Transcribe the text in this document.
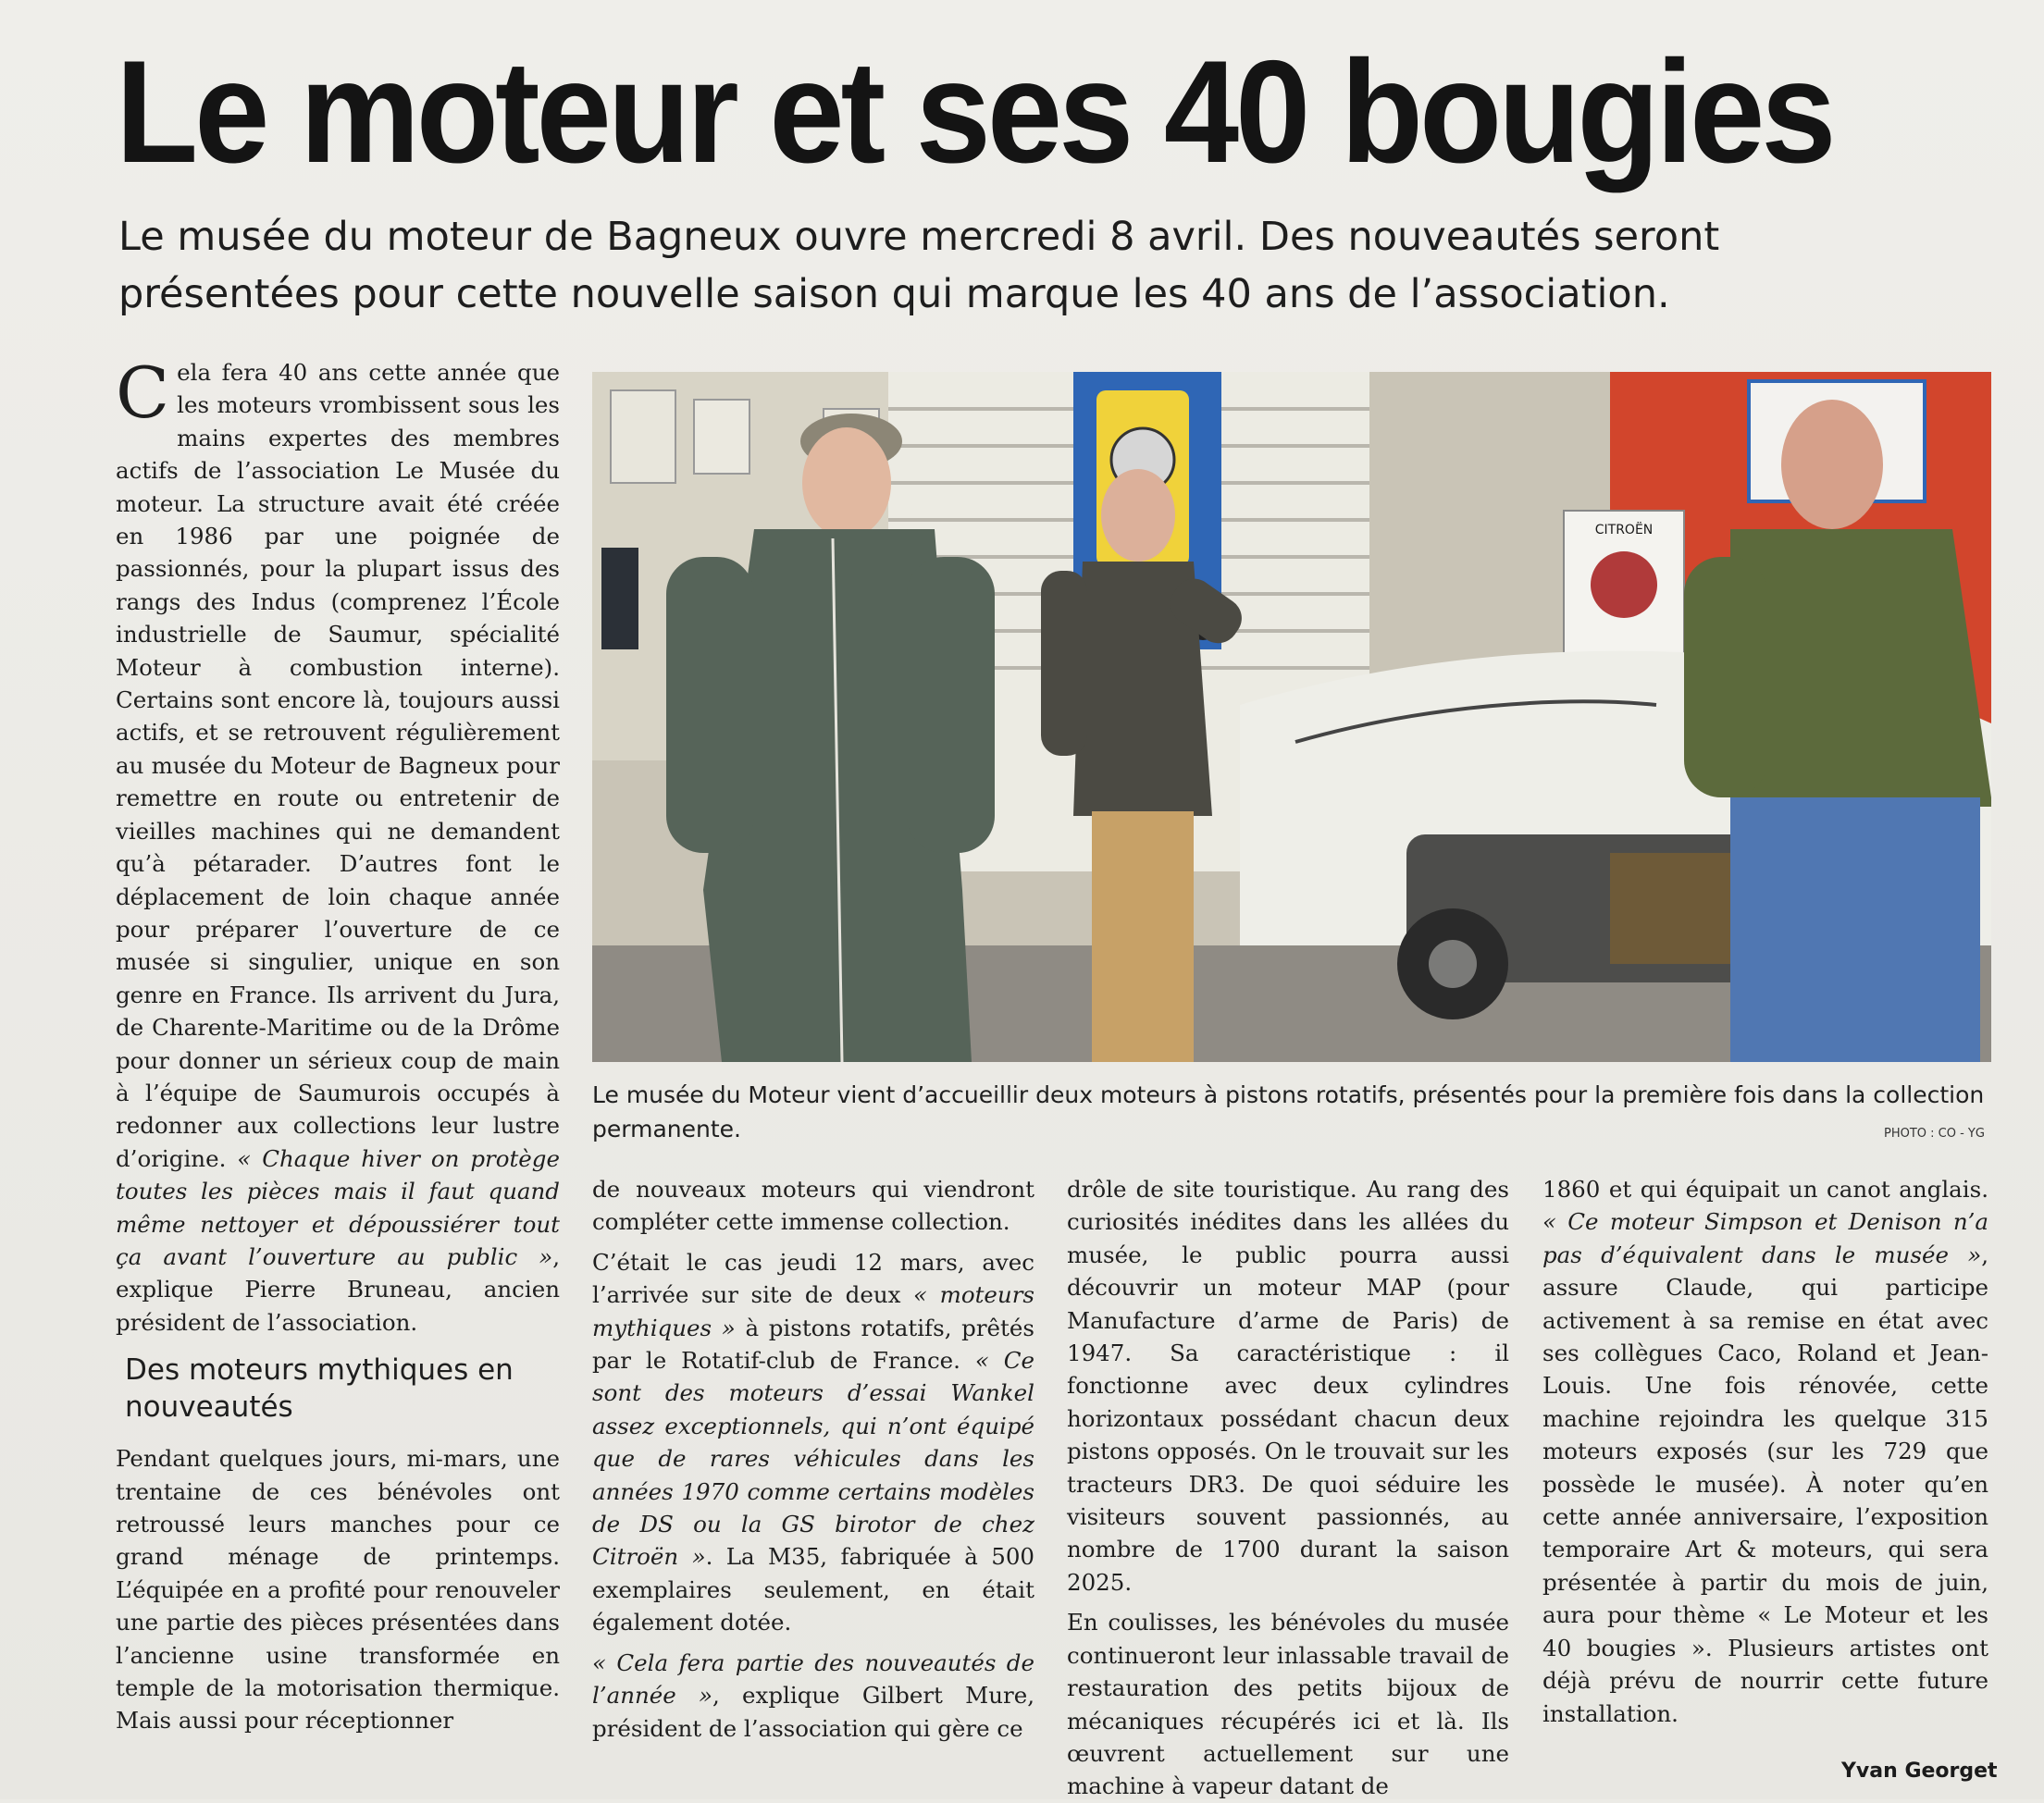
Le moteur et ses 40 bougies

Le musée du moteur de Bagneux ouvre mercredi 8 avril. Des nouveautés seront présentées pour cette nouvelle saison qui marque les 40 ans de l’association.

Cela fera 40 ans cette année que les moteurs vrombissent sous les mains expertes des membres actifs de l’association Le Musée du moteur. La structure avait été créée en 1986 par une poignée de passionnés, pour la plupart issus des rangs des Indus (comprenez l’École industrielle de Saumur, spécialité Moteur à combustion interne). Certains sont encore là, toujours aussi actifs, et se retrouvent régulièrement au musée du Moteur de Bagneux pour remettre en route ou entretenir de vieilles machines qui ne demandent qu’à pétarader. D’autres font le déplacement de loin chaque année pour préparer l’ouverture de ce musée si singulier, unique en son genre en France. Ils arrivent du Jura, de Charente-Maritime ou de la Drôme pour donner un sérieux coup de main à l’équipe de Saumurois occupés à redonner aux collections leur lustre d’origine. « Chaque hiver on protège toutes les pièces mais il faut quand même nettoyer et dépoussiérer tout ça avant l’ouverture au public », explique Pierre Bruneau, ancien président de l’association.

Des moteurs mythiques en nouveautés

Pendant quelques jours, mi-mars, une trentaine de ces bénévoles ont retroussé leurs manches pour ce grand ménage de printemps. L’équipée en a profité pour renouveler une partie des pièces présentées dans l’ancienne usine transformée en temple de la motorisation thermique. Mais aussi pour réceptionner

CITROËN

Le musée du Moteur vient d’accueillir deux moteurs à pistons rotatifs, présentés pour la première fois dans la collection permanente.	PHOTO : CO - YG

de nouveaux moteurs qui viendront compléter cette immense collection.

C’était le cas jeudi 12 mars, avec l’arrivée sur site de deux « moteurs mythiques » à pistons rotatifs, prêtés par le Rotatif-club de France. « Ce sont des moteurs d’essai Wankel assez exceptionnels, qui n’ont équipé que de rares véhicules dans les années 1970 comme certains modèles de DS ou la GS birotor de chez Citroën ». La M35, fabriquée à 500 exemplaires seulement, en était également dotée.

« Cela fera partie des nouveautés de l’année », explique Gilbert Mure, président de l’association qui gère ce

drôle de site touristique. Au rang des curiosités inédites dans les allées du musée, le public pourra aussi découvrir un moteur MAP (pour Manufacture d’arme de Paris) de 1947. Sa caractéristique : il fonctionne avec deux cylindres horizontaux possédant chacun deux pistons opposés. On le trouvait sur les tracteurs DR3. De quoi séduire les visiteurs souvent passionnés, au nombre de 1700 durant la saison 2025.

En coulisses, les bénévoles du musée continueront leur inlassable travail de restauration des petits bijoux de mécaniques récupérés ici et là. Ils œuvrent actuellement sur une machine à vapeur datant de

1860 et qui équipait un canot anglais. « Ce moteur Simpson et Denison n’a pas d’équivalent dans le musée », assure Claude, qui participe activement à sa remise en état avec ses collègues Caco, Roland et Jean-Louis. Une fois rénovée, cette machine rejoindra les quelque 315 moteurs exposés (sur les 729 que possède le musée). À noter qu’en cette année anniversaire, l’exposition temporaire Art & moteurs, qui sera présentée à partir du mois de juin, aura pour thème « Le Moteur et les 40 bougies ». Plusieurs artistes ont déjà prévu de nourrir cette future installation.

Yvan Georget
